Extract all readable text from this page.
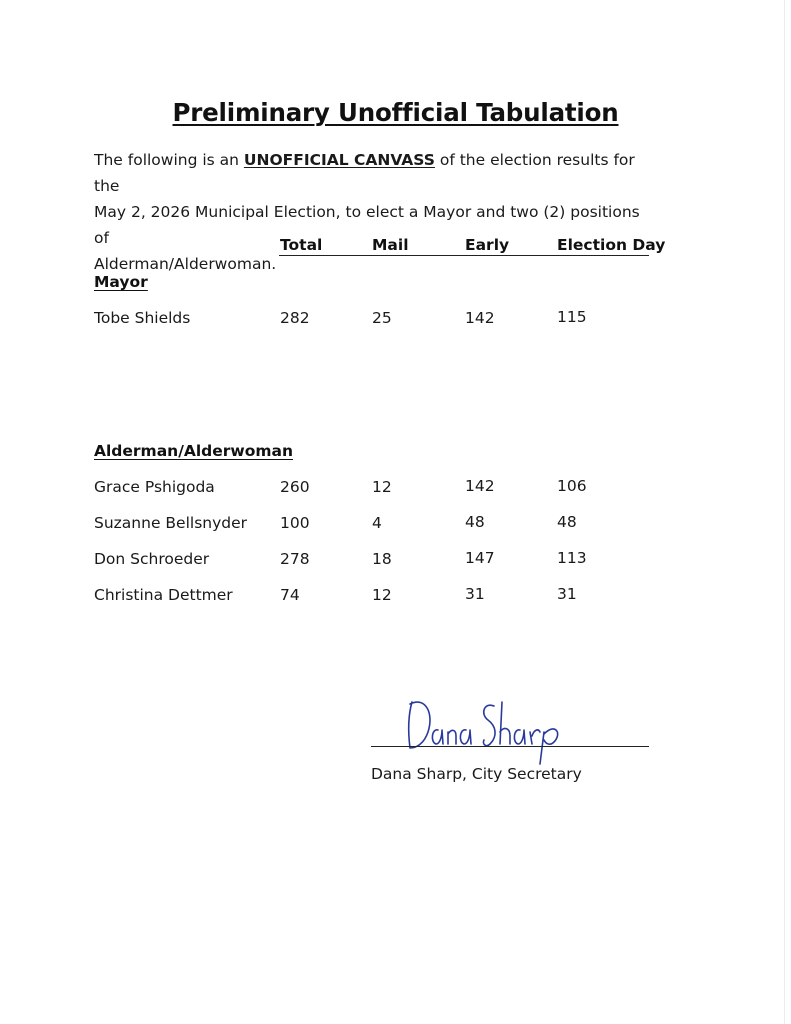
Preliminary Unofficial Tabulation
The following is an UNOFFICIAL CANVASS of the election results for the
May 2, 2026 Municipal Election, to elect a Mayor and two (2) positions of
Alderman/Alderwoman.
Total	Mail	Early	Election Day
Mayor
Tobe Shields	282	25	142	115
Alderman/Alderwoman
Grace Pshigoda	260	12	142	106
Suzanne Bellsnyder 100	4	48	48
Don Schroeder	278	18	147	113
Christina Dettmer	74	12	31	31
Dana Sharp, City Secretary
